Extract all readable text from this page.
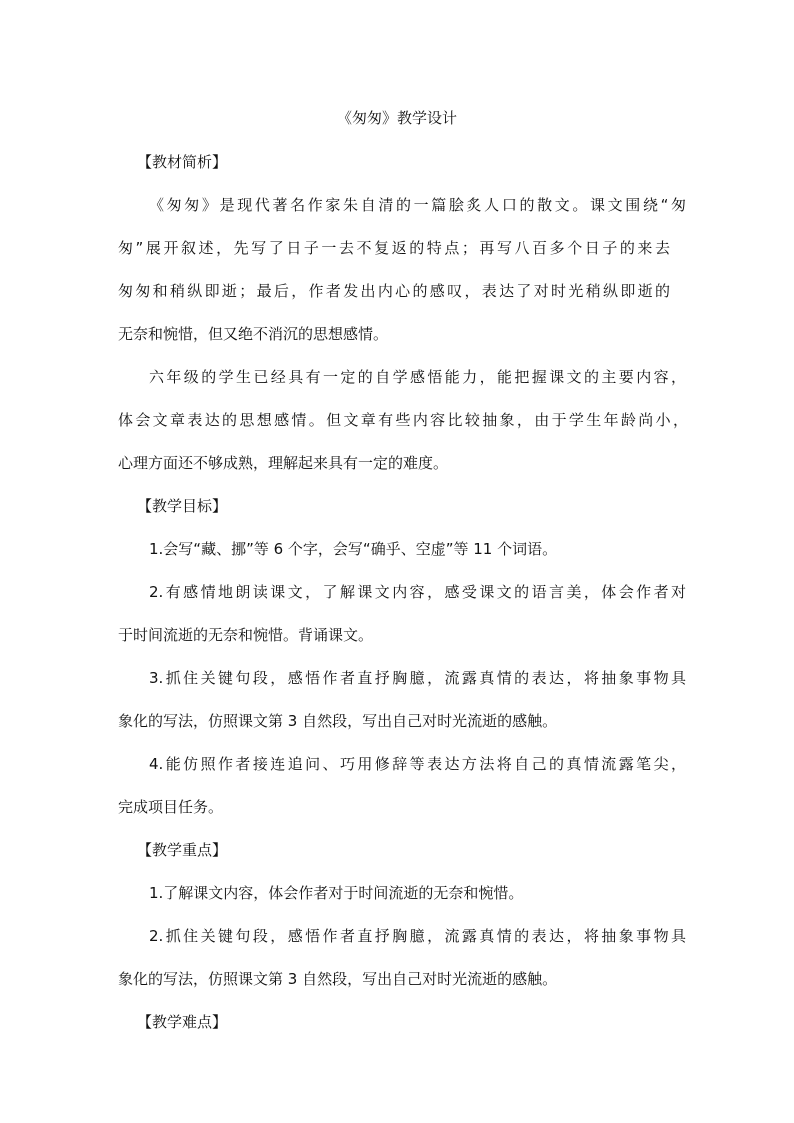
《匆匆》教学设计
【教材简析】
《匆匆》是现代著名作家朱自清的一篇脍炙人口的散文。课文围绕“匆
匆”展开叙述，先写了日子一去不复返的特点；再写八百多个日子的来去
匆匆和稍纵即逝；最后，作者发出内心的感叹，表达了对时光稍纵即逝的
无奈和惋惜，但又绝不消沉的思想感情。
六年级的学生已经具有一定的自学感悟能力，能把握课文的主要内容，
体会文章表达的思想感情。但文章有些内容比较抽象，由于学生年龄尚小，
心理方面还不够成熟，理解起来具有一定的难度。
【教学目标】
1.会写“藏、挪”等 6 个字，会写“确乎、空虚”等 11 个词语。
2.有感情地朗读课文，了解课文内容，感受课文的语言美，体会作者对
于时间流逝的无奈和惋惜。背诵课文。
3.抓住关键句段，感悟作者直抒胸臆，流露真情的表达，将抽象事物具
象化的写法，仿照课文第 3 自然段，写出自己对时光流逝的感触。
4.能仿照作者接连追问、巧用修辞等表达方法将自己的真情流露笔尖，
完成项目任务。
【教学重点】
1.了解课文内容，体会作者对于时间流逝的无奈和惋惜。
2.抓住关键句段，感悟作者直抒胸臆，流露真情的表达，将抽象事物具
象化的写法，仿照课文第 3 自然段，写出自己对时光流逝的感触。
【教学难点】
